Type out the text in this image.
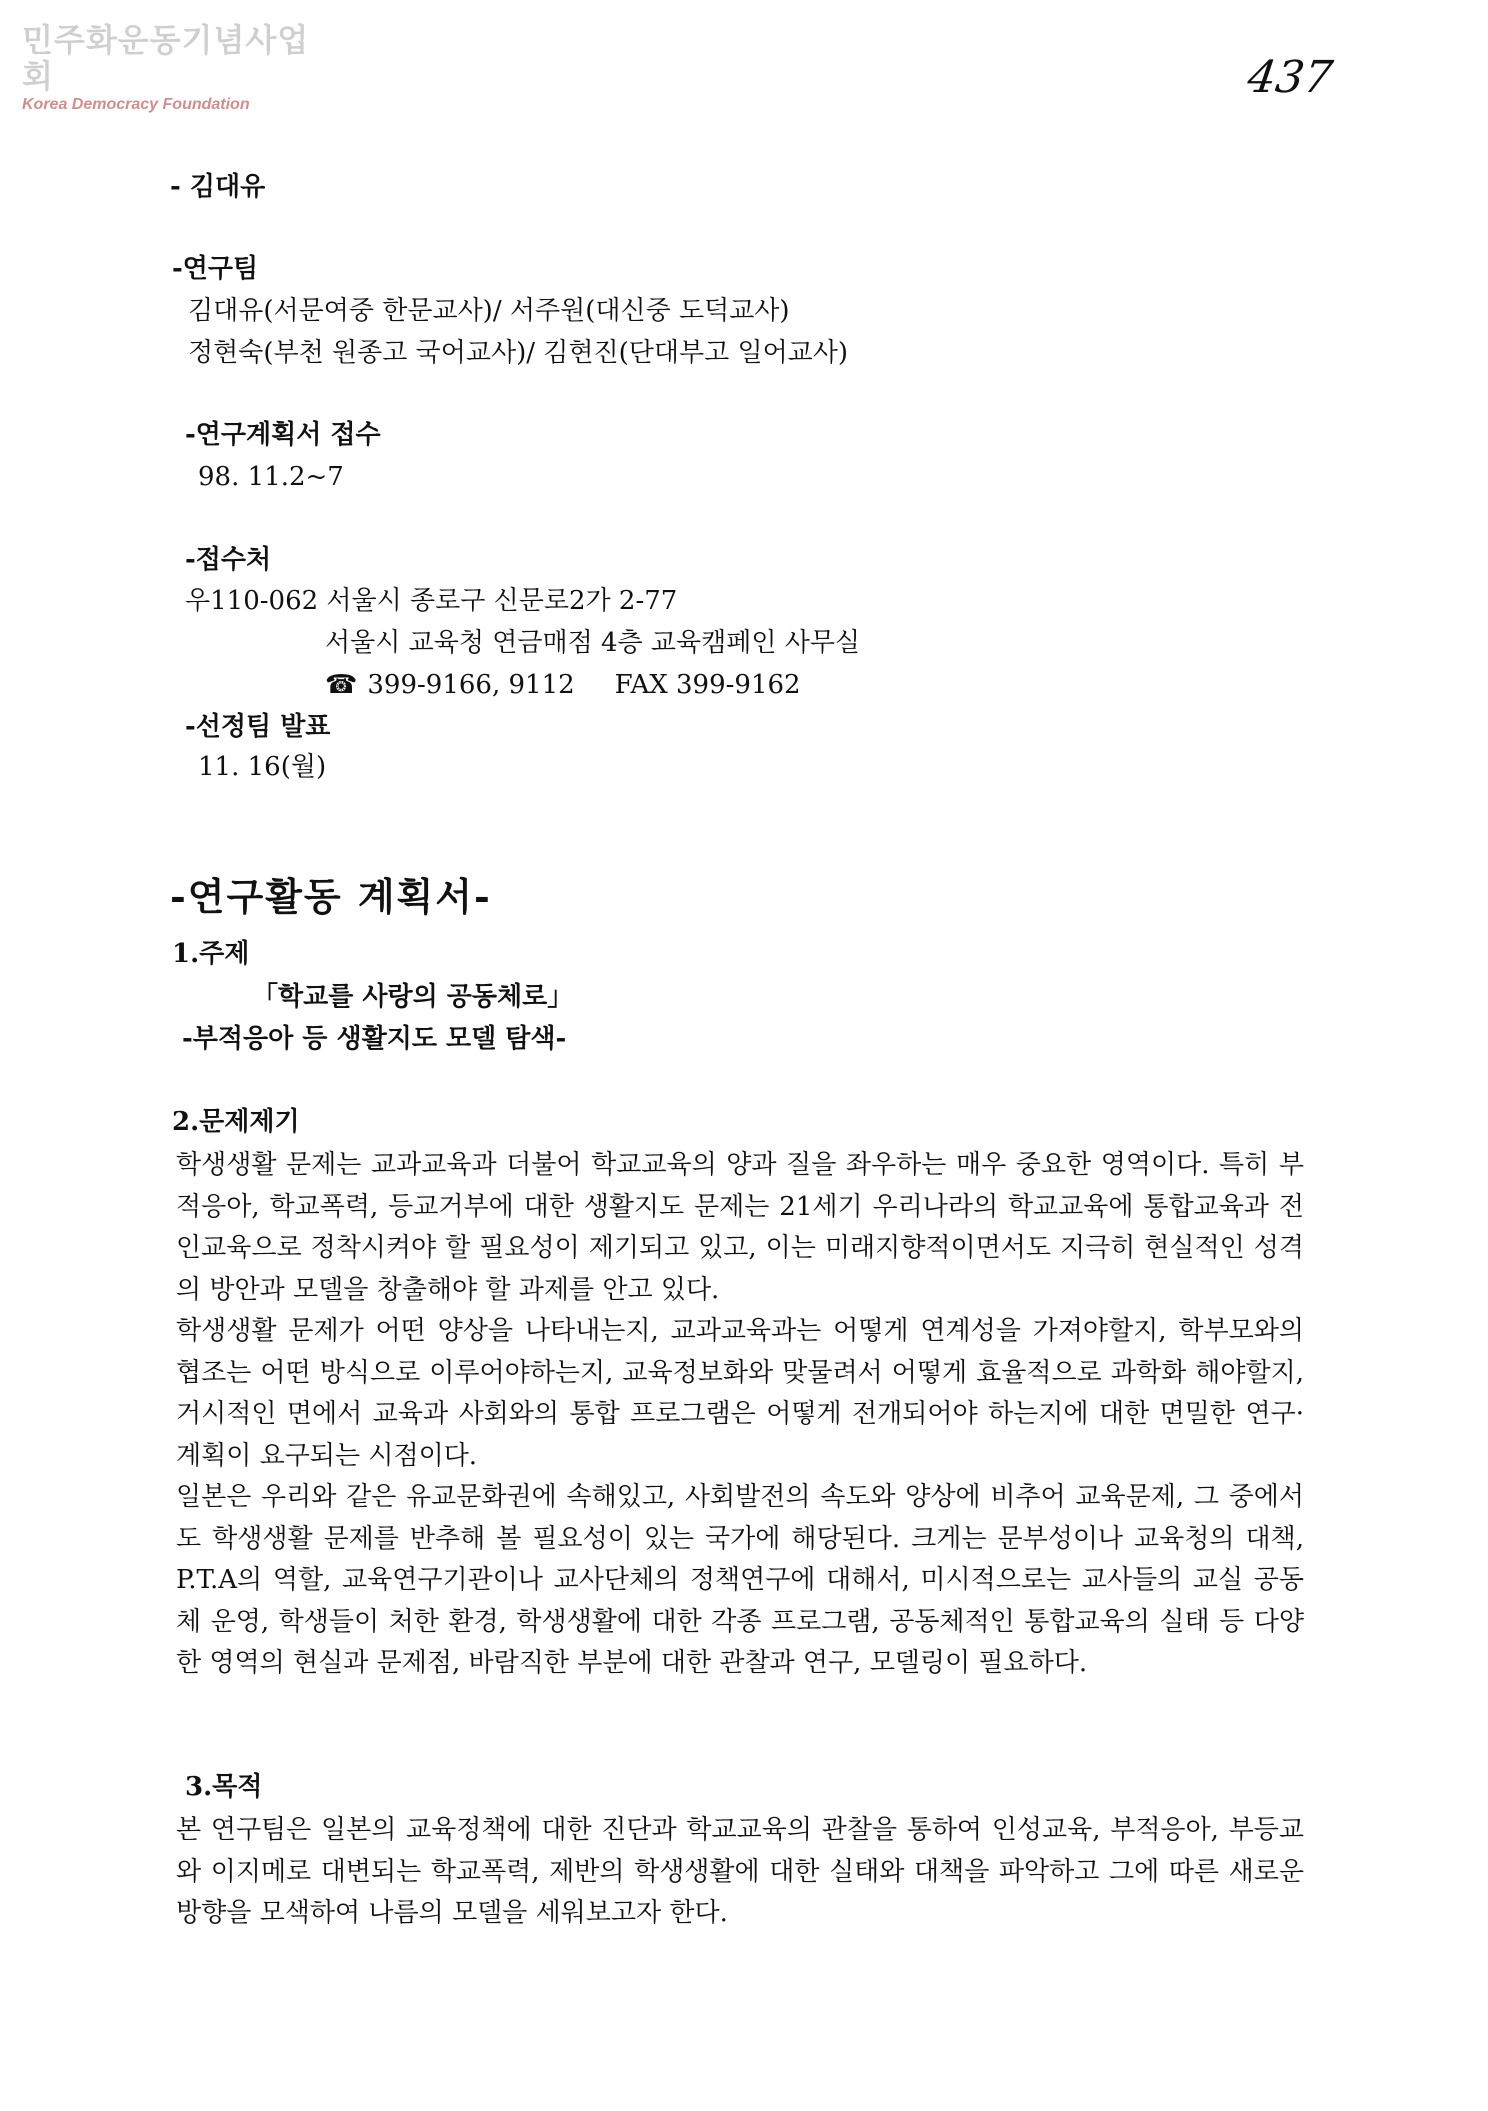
민주화운동기념사업회
Korea Democracy Foundation
437
- 김대유
-연구팀
김대유(서문여중 한문교사)/ 서주원(대신중 도덕교사)
정현숙(부천 원종고 국어교사)/ 김현진(단대부고 일어교사)
-연구계획서 접수
98. 11.2~7
-접수처
우110-062 서울시 종로구 신문로2가 2-77
서울시 교육청 연금매점 4층 교육캠페인 사무실
☎ 399-9166, 9112 FAX 399-9162
-선정팀 발표
11. 16(월)
-연구활동 계획서-
1.주제
「학교를 사랑의 공동체로」
-부적응아 등 생활지도 모델 탐색-
2.문제제기
학생생활 문제는 교과교육과 더불어 학교교육의 양과 질을 좌우하는 매우 중요한 영역이다. 특히 부적응아, 학교폭력, 등교거부에 대한 생활지도 문제는 21세기 우리나라의 학교교육에 통합교육과 전인교육으로 정착시켜야 할 필요성이 제기되고 있고, 이는 미래지향적이면서도 지극히 현실적인 성격의 방안과 모델을 창출해야 할 과제를 안고 있다.
학생생활 문제가 어떤 양상을 나타내는지, 교과교육과는 어떻게 연계성을 가져야할지, 학부모와의 협조는 어떤 방식으로 이루어야하는지, 교육정보화와 맞물려서 어떻게 효율적으로 과학화 해야할지, 거시적인 면에서 교육과 사회와의 통합 프로그램은 어떻게 전개되어야 하는지에 대한 면밀한 연구·계획이 요구되는 시점이다.
일본은 우리와 같은 유교문화권에 속해있고, 사회발전의 속도와 양상에 비추어 교육문제, 그 중에서도 학생생활 문제를 반추해 볼 필요성이 있는 국가에 해당된다. 크게는 문부성이나 교육청의 대책, P.T.A의 역할, 교육연구기관이나 교사단체의 정책연구에 대해서, 미시적으로는 교사들의 교실 공동체 운영, 학생들이 처한 환경, 학생생활에 대한 각종 프로그램, 공동체적인 통합교육의 실태 등 다양한 영역의 현실과 문제점, 바람직한 부분에 대한 관찰과 연구, 모델링이 필요하다.
3.목적
본 연구팀은 일본의 교육정책에 대한 진단과 학교교육의 관찰을 통하여 인성교육, 부적응아, 부등교와 이지메로 대변되는 학교폭력, 제반의 학생생활에 대한 실태와 대책을 파악하고 그에 따른 새로운 방향을 모색하여 나름의 모델을 세워보고자 한다.
